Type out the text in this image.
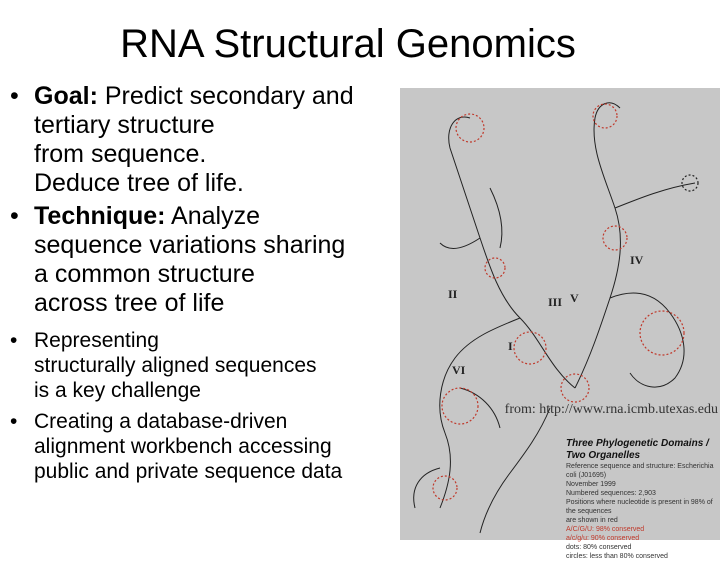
RNA Structural Genomics
• Goal: Predict secondary and
tertiary structure
from sequence.
Deduce tree of life.
• Technique: Analyze
sequence variations sharing
a common structure
across tree of life
• Representing
structurally aligned sequences
is a key challenge
• Creating a database-driven
alignment workbench accessing
public and private sequence data
I
II
III
IV
V
VI
from: http://www.rna.icmb.utexas.edu
Three Phylogenetic Domains / Two Organelles
Reference sequence and structure: Escherichia coli (J01695)
November 1999
Numbered sequences: 2,903
Positions where nucleotide is present in 98% of the sequences
are shown in red
A/C/G/U: 98% conserved
a/c/g/u: 90% conserved
dots: 80% conserved
circles: less than 80% conserved
